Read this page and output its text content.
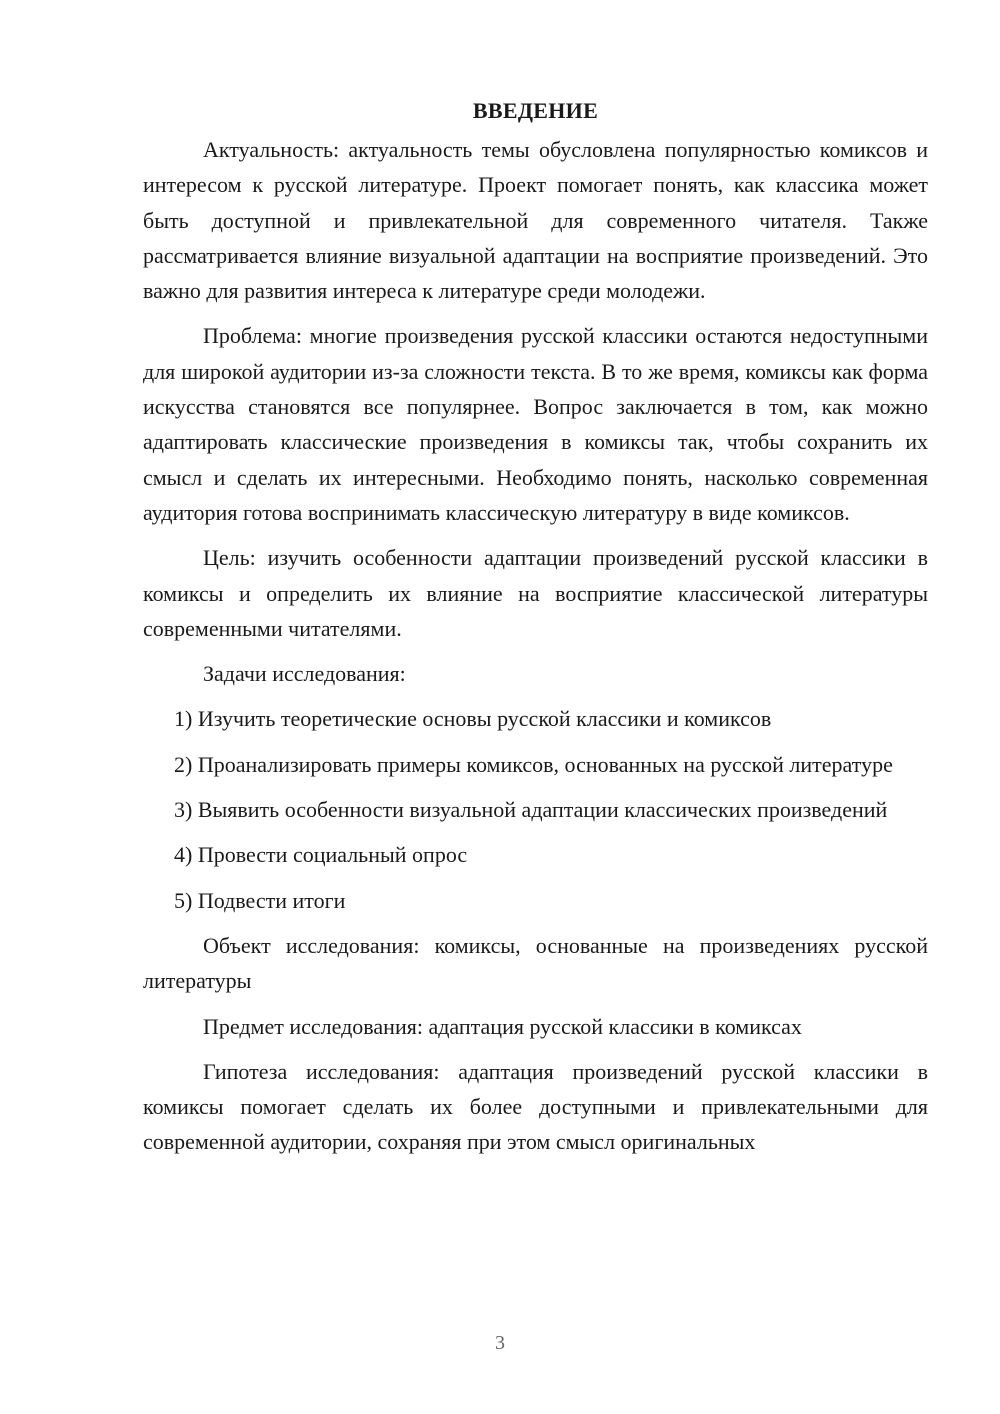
ВВЕДЕНИЕ

Актуальность: актуальность темы обусловлена популярностью комиксов и интересом к русской литературе. Проект помогает понять, как классика может быть доступной и привлекательной для современного читателя. Также рассматривается влияние визуальной адаптации на восприятие произведений. Это важно для развития интереса к литературе среди молодежи.

Проблема: многие произведения русской классики остаются недоступными для широкой аудитории из-за сложности текста. В то же время, комиксы как форма искусства становятся все популярнее. Вопрос заключается в том, как можно адаптировать классические произведения в комиксы так, чтобы сохранить их смысл и сделать их интересными. Необходимо понять, насколько современная аудитория готова воспринимать классическую литературу в виде комиксов.

Цель: изучить особенности адаптации произведений русской классики в комиксы и определить их влияние на восприятие классической литературы современными читателями.

Задачи исследования:

1) Изучить теоретические основы русской классики и комиксов

2) Проанализировать примеры комиксов, основанных на русской литературе

3) Выявить особенности визуальной адаптации классических произведений

4) Провести социальный опрос

5) Подвести итоги

Объект исследования: комиксы, основанные на произведениях русской литературы

Предмет исследования: адаптация русской классики в комиксах

Гипотеза исследования: адаптация произведений русской классики в комиксы помогает сделать их более доступными и привлекательными для современной аудитории, сохраняя при этом смысл оригинальных

3
